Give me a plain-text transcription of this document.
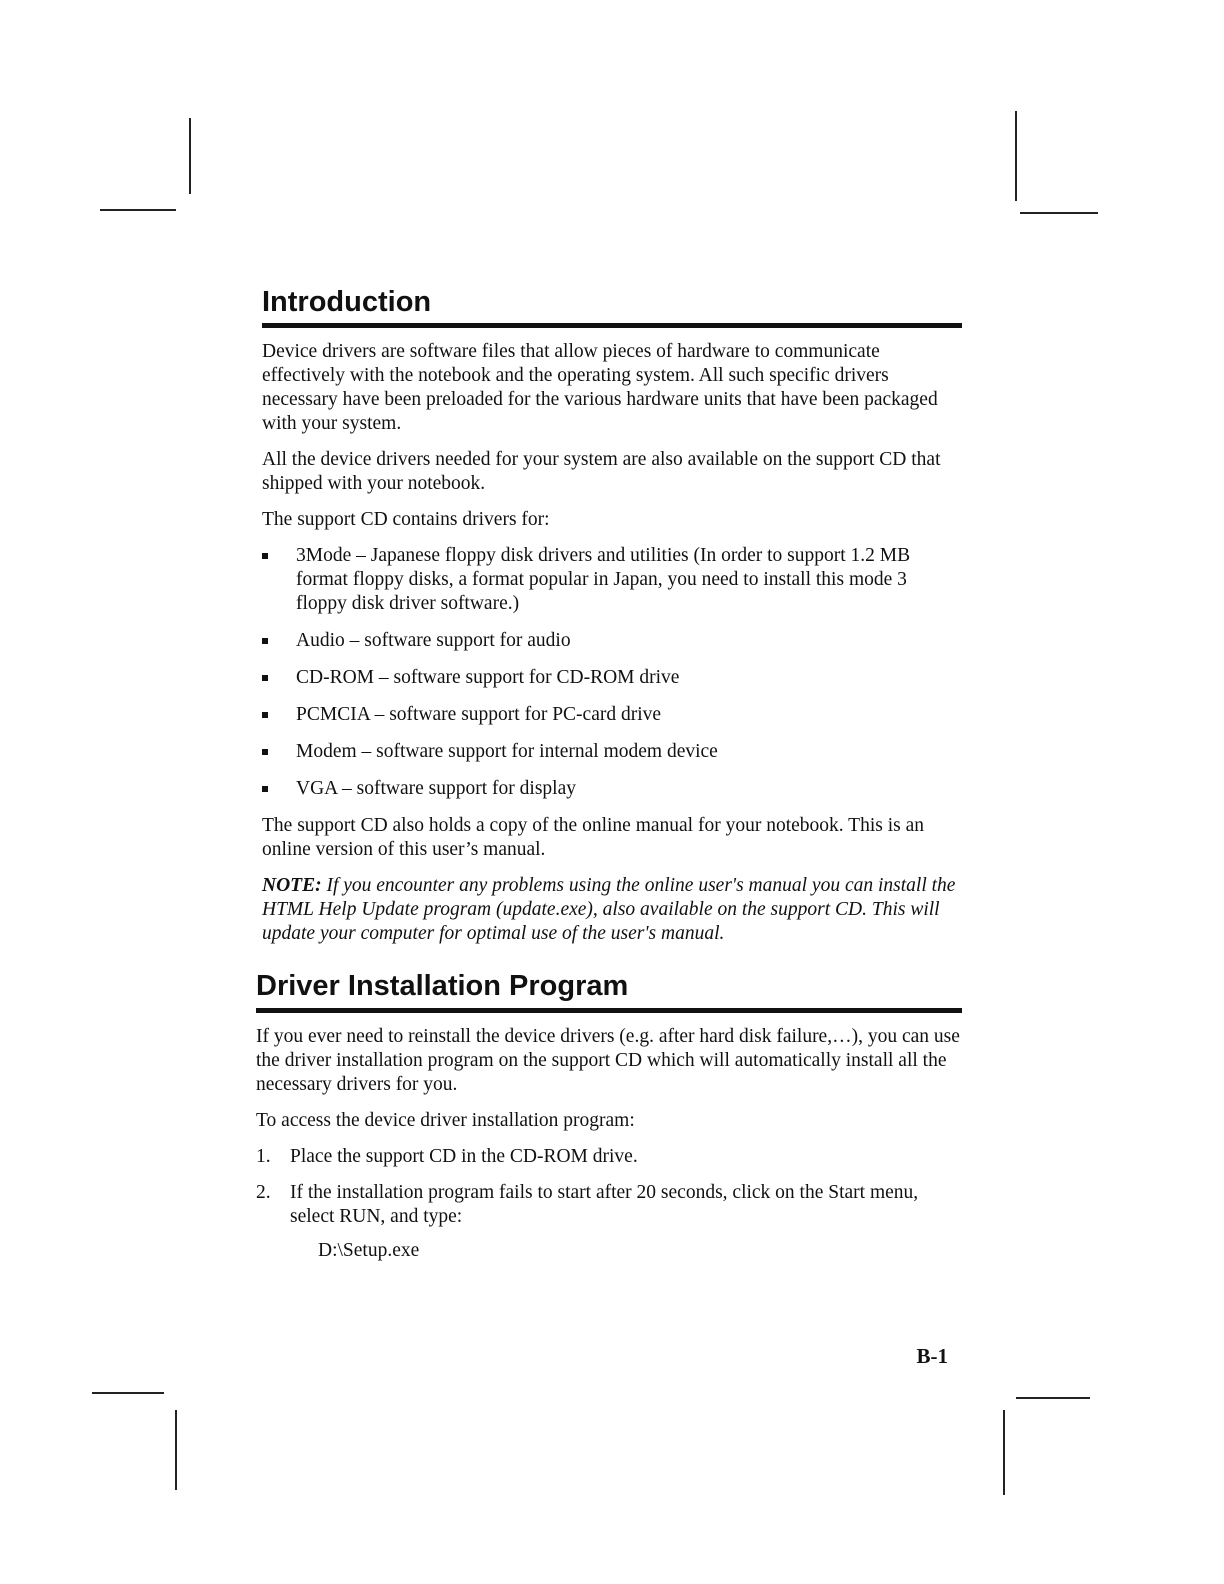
Introduction

Device drivers are software files that allow pieces of hardware to communicate effectively with the notebook and the operating system. All such specific drivers necessary have been preloaded for the various hardware units that have been packaged with your system.

All the device drivers needed for your system are also available on the support CD that shipped with your notebook.

The support CD contains drivers for:

3Mode – Japanese floppy disk drivers and utilities (In order to support 1.2 MB format floppy disks, a format popular in Japan, you need to install this mode 3 floppy disk driver software.)
Audio – software support for audio
CD-ROM – software support for CD-ROM drive
PCMCIA – software support for PC-card drive
Modem – software support for internal modem device
VGA – software support for display

The support CD also holds a copy of the online manual for your notebook. This is an online version of this user’s manual.

NOTE: If you encounter any problems using the online user's manual you can install the HTML Help Update program (update.exe), also available on the support CD. This will update your computer for optimal use of the user's manual.

Driver Installation Program

If you ever need to reinstall the device drivers (e.g. after hard disk failure,…), you can use the driver installation program on the support CD which will automatically install all the necessary drivers for you.

To access the device driver installation program:

1. Place the support CD in the CD-ROM drive.
2. If the installation program fails to start after 20 seconds, click on the Start menu, select RUN, and type:
D:\Setup.exe
B-1
